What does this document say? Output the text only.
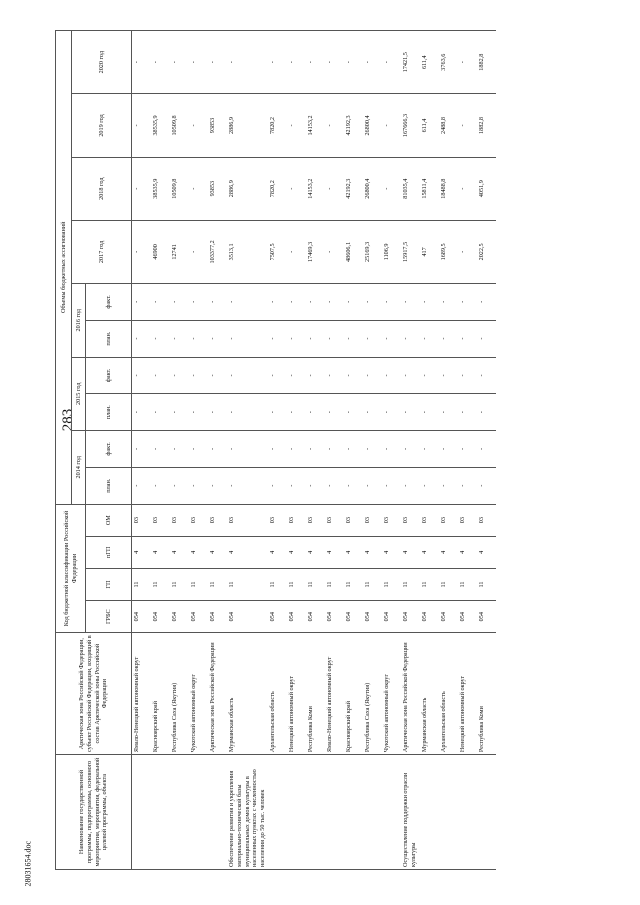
283
28031654.doc
Наименование государственной программы, подпрограммы, основного мероприятия, мероприятия, федеральной целевой программы, объекта	Арктическая зона Российской Федерации, субъект Российской Федерации, входящий в состав Арктической зоны Российской Федерации	Код бюджетной классификации Российской Федерации				Объемы бюджетных ассигнований									
						2014 год		2015 год		2016 год		2017 год	2018 год	2019 год	2020 год
		ГРБС	ГП	пГП	ОМ	план.	факт.	план.	факт.	план.	факт.				

	Ямало-Ненецкий автономный округ	054	11	4	03	-	-	-	-	-	-	-	-	-	-
	Красноярский край	054	11	4	03	-	-	-	-	-	-	46900	38535,9	38535,9	-
	Республика Саха (Якутия)	054	11	4	03	-	-	-	-	-	-	12741	10509,8	10509,8	-
	Чукотский автономный округ	054	11	4	03	-	-	-	-	-	-	-	-	-	-
	Арктическая зона Российской Федерации	054	11	4	03	-	-	-	-	-	-	103377,2	93853	93853	-
Обеспечение развития и укрепления материально-технической базы муниципальных домов культуры в населенных пунктах с численностью населения до 50 тыс. человек	Мурманская область	054	11	4	03	-	-	-	-	-	-	3513,1	2886,9	2886,9	-
	Архангельская область	054	11	4	03	-	-	-	-	-	-	7507,5	7820,2	7820,2	-
	Ненецкий автономный округ	054	11	4	03	-	-	-	-	-	-	-	-	-	-
	Республика Коми	054	11	4	03	-	-	-	-	-	-	17469,3	14153,2	14153,2	-
	Ямало-Ненецкий автономный округ	054	11	4	03	-	-	-	-	-	-	-	-	-	-
	Красноярский край	054	11	4	03	-	-	-	-	-	-	48606,1	42192,3	42192,3	-
	Республика Саха (Якутия)	054	11	4	03	-	-	-	-	-	-	25169,3	26800,4	26800,4	-
	Чукотский автономный округ	054	11	4	03	-	-	-	-	-	-	1106,9	-	-	-
Осуществление поддержки отрасли культуры	Арктическая зона Российской Федерации	054	11	4	03	-	-	-	-	-	-	15917,5	81035,4	167666,3	17421,5
	Мурманская область	054	11	4	03	-	-	-	-	-	-	417	15811,4	611,4	611,4
	Архангельская область	054	11	4	03	-	-	-	-	-	-	1689,5	18488,8	2488,8	3763,6
	Ненецкий автономный округ	054	11	4	03	-	-	-	-	-	-	-	-	-	-
	Республика Коми	054	11	4	03	-	-	-	-	-	-	2022,5	4051,9	1882,8	1882,8
